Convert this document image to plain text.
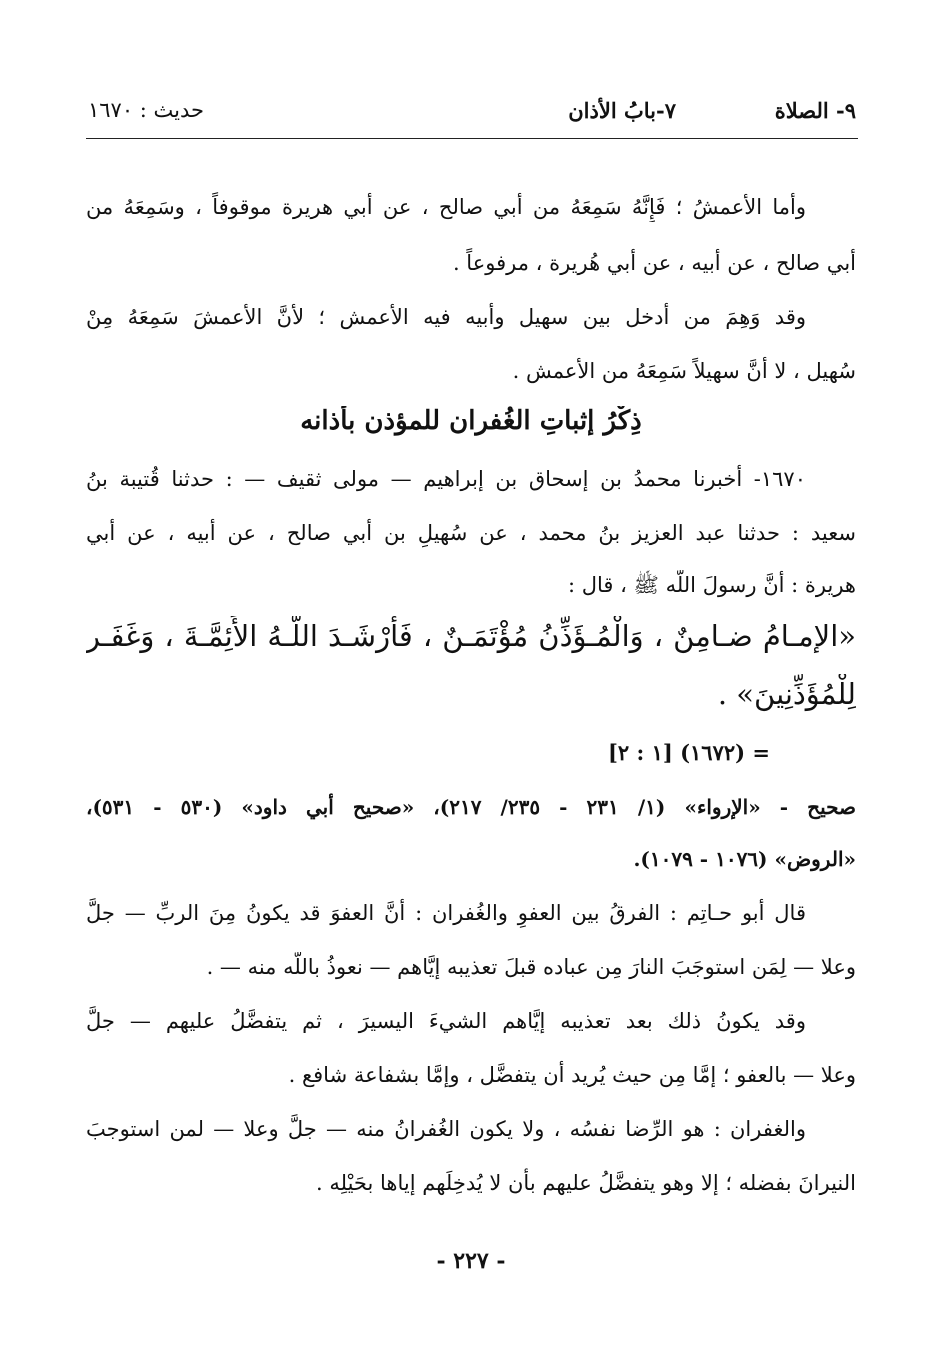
٩- الصلاة
٧-بابُ الأذان
حديث : ١٦٧٠
وأما الأعمشُ ؛ فَإِنَّهُ سَمِعَهُ من أبي صالح ، عن أبي هريرة موقوفاً ، وسَمِعَهُ من
أبي صالح ، عن أبيه ، عن أبي هُريرة ، مرفوعاً .
وقد وَهِمَ من أدخل بين سهيل وأبيه فيه الأعمش ؛ لأنَّ الأعمشَ سَمِعَهُ مِنْ
سُهيل ، لا أنَّ سهيلاً سَمِعَهُ من الأعمش .
ذِكْرُ إثباتِ الغُفران للمؤذن بأذانه
١٦٧٠- أخبرنا محمدُ بن إسحاق بن إبراهيم — مولى ثقيف — : حدثنا قُتيبة بنُ
سعيد : حدثنا عبد العزيز بنُ محمد ، عن سُهيلِ بن أبي صالح ، عن أبيه ، عن أبي
هريرة : أنَّ رسولَ اللَّه ﷺ ، قال :
«الإمـامُ ضـامِنٌ ، وَالْمُـؤَذِّنُ مُؤْتَمَـنٌ ، فَأَرْشَـدَ اللَّـهُ الأَئِمَّـةَ ، وَغَفَـر
لِلْمُؤَذِّنِينَ» .
= (١٦٧٢) [١ : ٢]
صحيح - «الإرواء» (١/ ٢٣١ - ٢٣٥/ ٢١٧)، «صحيح أبي داود» (٥٣٠ - ٥٣١)،
«الروض» (١٠٧٦ - ١٠٧٩).
قال أبو حـاتِم : الفرقُ بين العفوِ والغُفران : أنَّ العفوَ قد يكونُ مِنَ الربِّ — جلَّ
وعلا — لِمَن استوجَبَ النارَ مِن عباده قبلَ تعذيبه إيَّاهم — نعوذُ باللَّه منه — .
وقد يكونُ ذلك بعد تعذيبه إيَّاهم الشيءَ اليسيرَ ، ثم يتفضَّلُ عليهم — جلَّ
وعلا — بالعفو ؛ إمَّا مِن حيث يُريد أن يتفضَّل ، وإمَّا بشفاعة شافع .
والغفران : هو الرِّضا نفسُه ، ولا يكون الغُفرانُ منه — جلَّ وعلا — لمن استوجبَ
النيرانَ بفضله ؛ إلا وهو يتفضَّلُ عليهم بأن لا يُدخِلَهم إياها بحَيْلِه .
- ٢٢٧ -
